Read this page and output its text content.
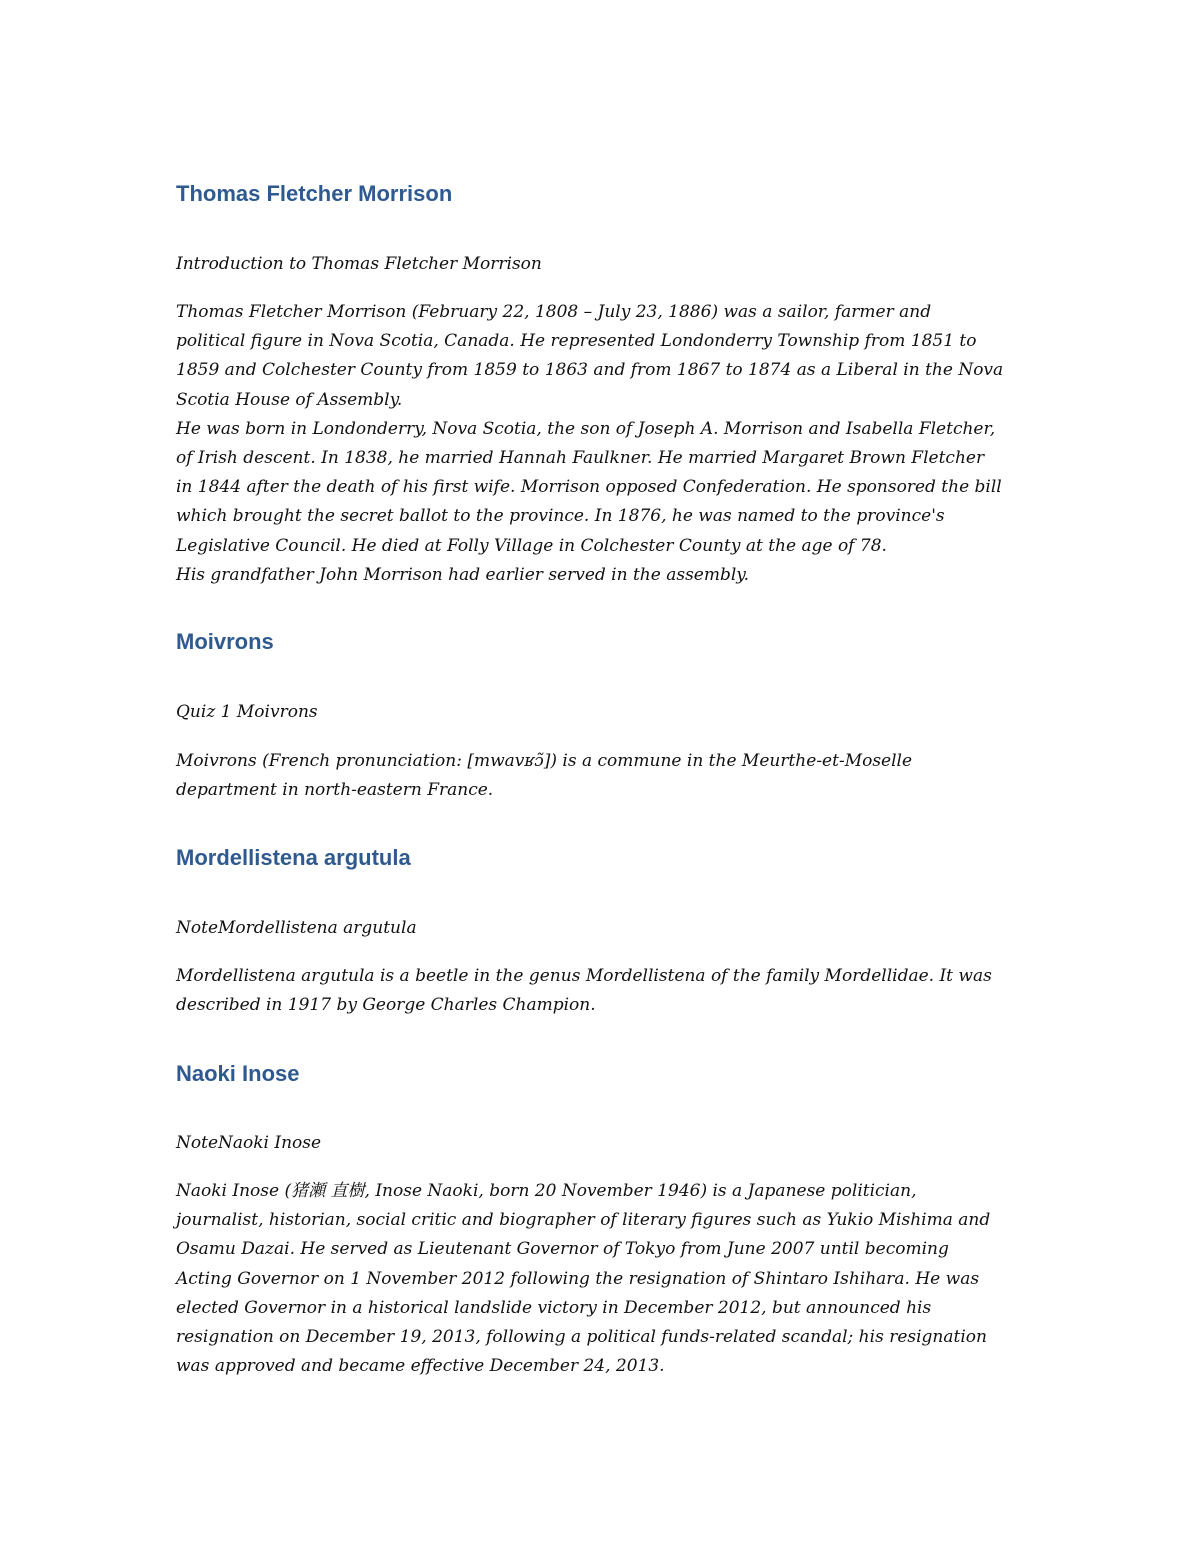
Thomas Fletcher Morrison

Introduction to Thomas Fletcher Morrison

Thomas Fletcher Morrison (February 22, 1808 – July 23, 1886) was a sailor, farmer and
political figure in Nova Scotia, Canada. He represented Londonderry Township from 1851 to
1859 and Colchester County from 1859 to 1863 and from 1867 to 1874 as a Liberal in the Nova
Scotia House of Assembly.
He was born in Londonderry, Nova Scotia, the son of Joseph A. Morrison and Isabella Fletcher,
of Irish descent. In 1838, he married Hannah Faulkner. He married Margaret Brown Fletcher
in 1844 after the death of his first wife. Morrison opposed Confederation. He sponsored the bill
which brought the secret ballot to the province. In 1876, he was named to the province's
Legislative Council. He died at Folly Village in Colchester County at the age of 78.
His grandfather John Morrison had earlier served in the assembly.

Moivrons

Quiz 1 Moivrons

Moivrons (French pronunciation: [mwavʁɔ̃]) is a commune in the Meurthe-et-Moselle
department in north-eastern France.

Mordellistena argutula

NoteMordellistena argutula

Mordellistena argutula is a beetle in the genus Mordellistena of the family Mordellidae. It was
described in 1917 by George Charles Champion.

Naoki Inose

NoteNaoki Inose

Naoki Inose (猪瀬 直樹, Inose Naoki, born 20 November 1946) is a Japanese politician,
journalist, historian, social critic and biographer of literary figures such as Yukio Mishima and
Osamu Dazai. He served as Lieutenant Governor of Tokyo from June 2007 until becoming
Acting Governor on 1 November 2012 following the resignation of Shintaro Ishihara. He was
elected Governor in a historical landslide victory in December 2012, but announced his
resignation on December 19, 2013, following a political funds-related scandal; his resignation
was approved and became effective December 24, 2013.
